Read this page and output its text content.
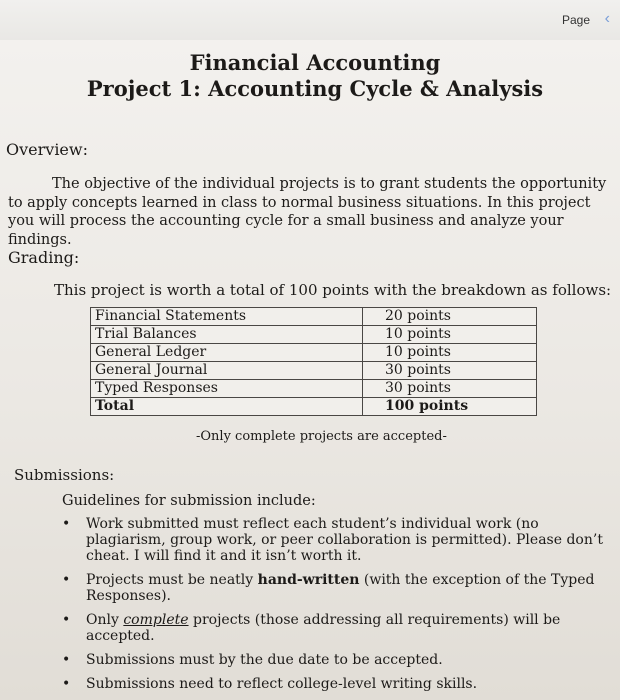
Page ‹
Financial Accounting
Project 1: Accounting Cycle & Analysis
Overview:
The objective of the individual projects is to grant students the opportunity to apply concepts learned in class to normal business situations. In this project you will process the accounting cycle for a small business and analyze your findings.
Grading:
This project is worth a total of 100 points with the breakdown as follows:
Financial Statements	20 points
Trial Balances	10 points
General Ledger	10 points
General Journal	30 points
Typed Responses	30 points
Total	100 points
-Only complete projects are accepted-
Submissions:
Guidelines for submission include:
• Work submitted must reflect each student’s individual work (no plagiarism, group work, or peer collaboration is permitted). Please don’t cheat. I will find it and it isn’t worth it.
• Projects must be neatly hand-written (with the exception of the Typed Responses).
• Only complete projects (those addressing all requirements) will be accepted.
• Submissions must by the due date to be accepted.
• Submissions need to reflect college-level writing skills.
